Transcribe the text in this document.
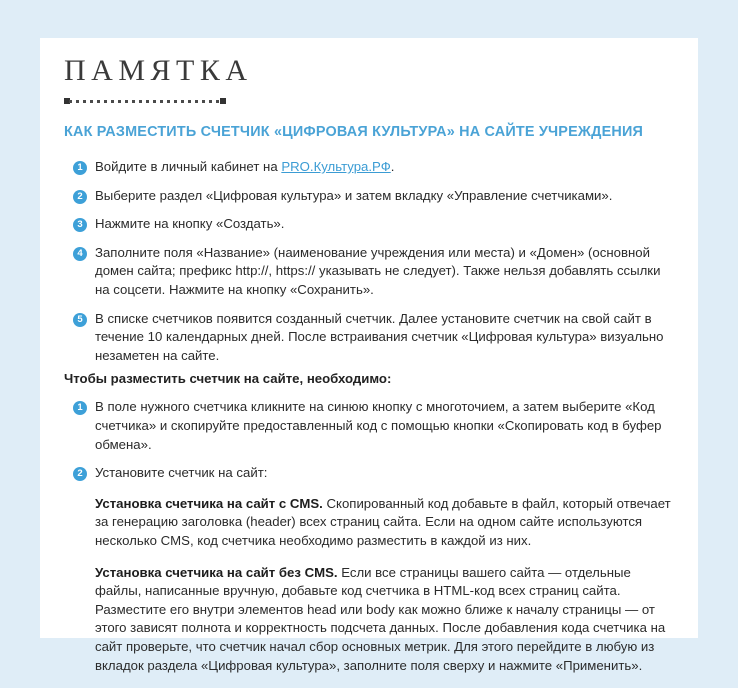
ПАМЯТКА
КАК РАЗМЕСТИТЬ СЧЕТЧИК «ЦИФРОВАЯ КУЛЬТУРА» НА САЙТЕ УЧРЕЖДЕНИЯ
1 Войдите в личный кабинет на PRO.Культура.РФ.
2 Выберите раздел «Цифровая культура» и затем вкладку «Управление счетчиками».
3 Нажмите на кнопку «Создать».
4 Заполните поля «Название» (наименование учреждения или места) и «Домен» (основной домен сайта; префикс http://, https:// указывать не следует). Также нельзя добавлять ссылки на соцсети. Нажмите на кнопку «Сохранить».
5 В списке счетчиков появится созданный счетчик. Далее установите счетчик на свой сайт в течение 10 календарных дней. После встраивания счетчик «Цифровая культура» визуально незаметен на сайте.

Чтобы разместить счетчик на сайте, необходимо:

1 В поле нужного счетчика кликните на синюю кнопку с многоточием, а затем выберите «Код счетчика» и скопируйте предоставленный код с помощью кнопки «Скопировать код в буфер обмена».
2 Установите счетчик на сайт:

Установка счетчика на сайт с CMS. Скопированный код добавьте в файл, который отвечает за генерацию заголовка (header) всех страниц сайта. Если на одном сайте используются несколько CMS, код счетчика необходимо разместить в каждой из них.

Установка счетчика на сайт без CMS. Если все страницы вашего сайта — отдельные файлы, написанные вручную, добавьте код счетчика в HTML-код всех страниц сайта. Разместите его внутри элементов head или body как можно ближе к началу страницы — от этого зависят полнота и корректность подсчета данных. После добавления кода счетчика на сайт проверьте, что счетчик начал сбор основных метрик. Для этого перейдите в любую из вкладок раздела «Цифровая культура», заполните поля сверху и нажмите «Применить».
